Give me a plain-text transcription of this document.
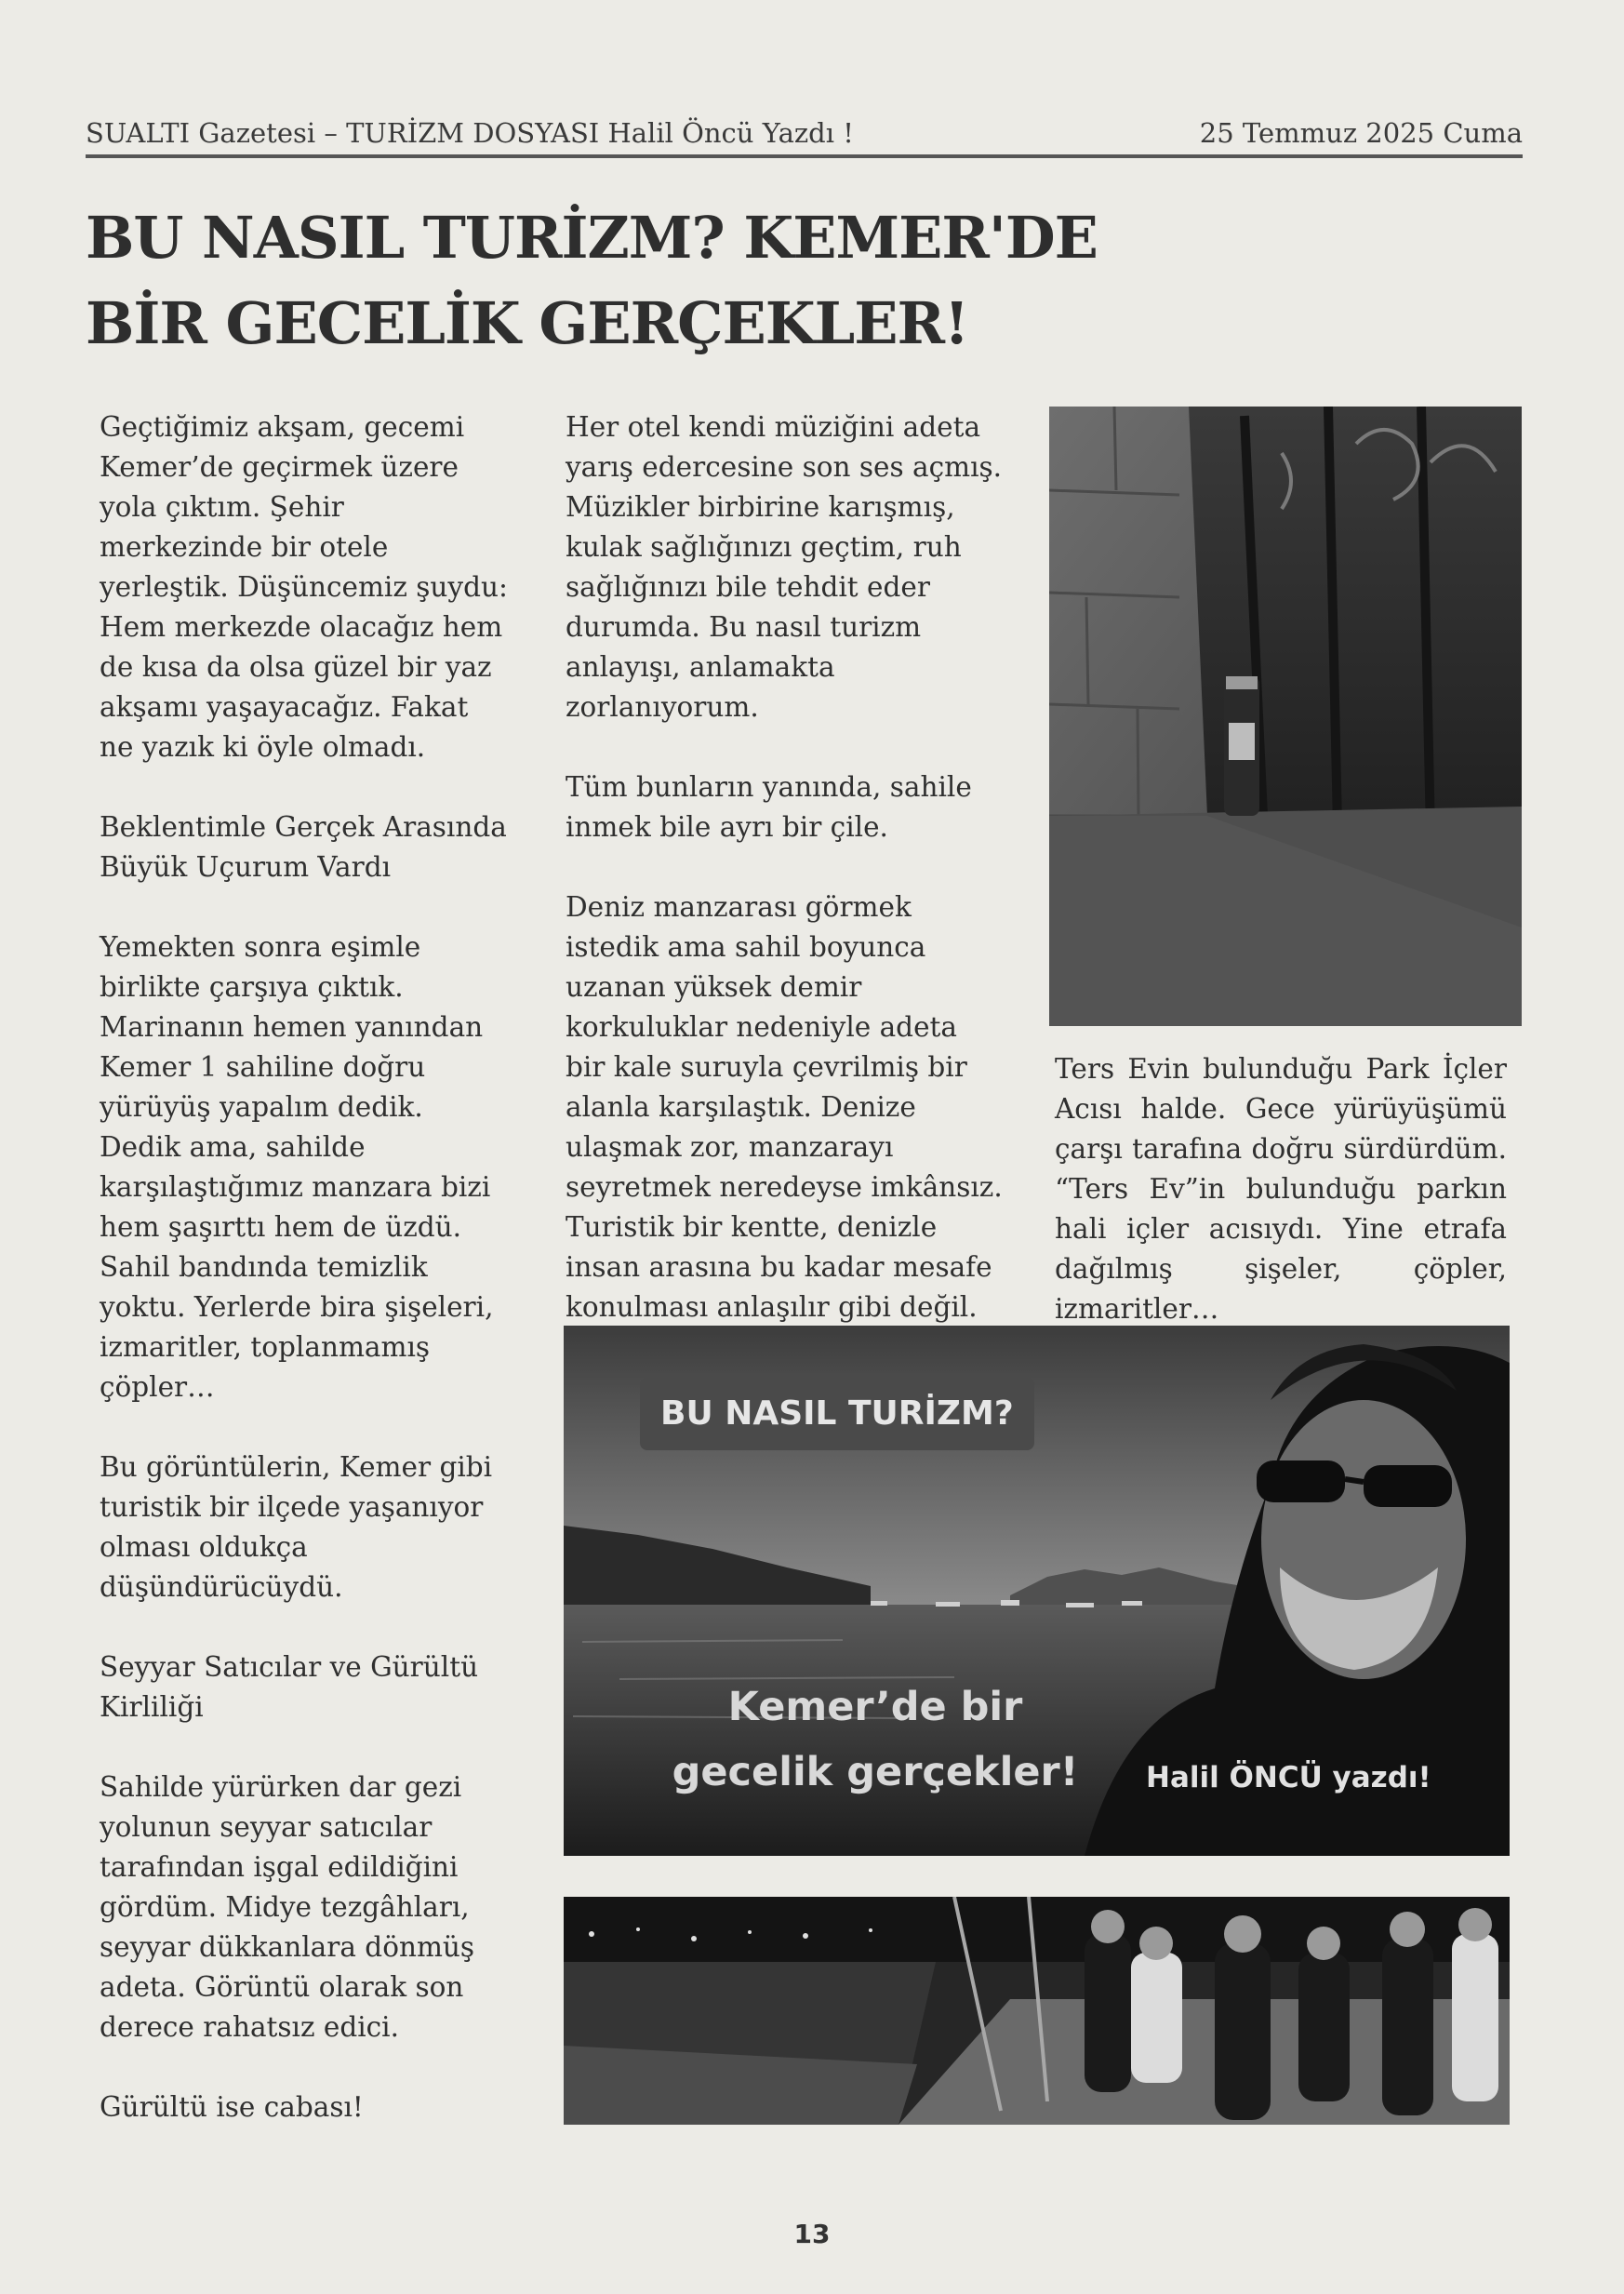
SUALTI Gazetesi – TURİZM DOSYASI Halil Öncü Yazdı !	25 Temmuz 2025 Cuma
BU NASIL TURİZM? KEMER'DE
BİR GECELİK GERÇEKLER!

Geçtiğimiz akşam, gecemi Kemer’de geçirmek üzere yola çıktım. Şehir merkezinde bir otele yerleştik. Düşüncemiz şuydu: Hem merkezde olacağız hem de kısa da olsa güzel bir yaz akşamı yaşayacağız. Fakat ne yazık ki öyle olmadı.

Beklentimle Gerçek Arasında Büyük Uçurum Vardı

Yemekten sonra eşimle birlikte çarşıya çıktık. Marinanın hemen yanından Kemer 1 sahiline doğru yürüyüş yapalım dedik. Dedik ama, sahilde karşılaştığımız manzara bizi hem şaşırttı hem de üzdü. Sahil bandında temizlik yoktu. Yerlerde bira şişeleri, izmaritler, toplanmamış çöpler…

Bu görüntülerin, Kemer gibi turistik bir ilçede yaşanıyor olması oldukça düşündürücüydü.

Seyyar Satıcılar ve Gürültü Kirliliği

Sahilde yürürken dar gezi yolunun seyyar satıcılar tarafından işgal edildiğini gördüm. Midye tezgâhları, seyyar dükkanlara dönmüş adeta. Görüntü olarak son derece rahatsız edici.

Gürültü ise cabası!

Her otel kendi müziğini adeta yarış edercesine son ses açmış. Müzikler birbirine karışmış, kulak sağlığınızı geçtim, ruh sağlığınızı bile tehdit eder durumda. Bu nasıl turizm anlayışı, anlamakta zorlanıyorum.

Tüm bunların yanında, sahile inmek bile ayrı bir çile.

Deniz manzarası görmek istedik ama sahil boyunca uzanan yüksek demir korkuluklar nedeniyle adeta bir kale suruyla çevrilmiş bir alanla karşılaştık. Denize ulaşmak zor, manzarayı seyretmek neredeyse imkânsız. Turistik bir kentte, denizle insan arasına bu kadar mesafe konulması anlaşılır gibi değil.

Ters Evin bulunduğu Park İçler Acısı halde. Gece yürüyüşümü çarşı tarafına doğru sürdürdüm. “Ters Ev”in bulunduğu parkın hali içler acısıydı. Yine etrafa dağılmış şişeler, çöpler, izmaritler…

BU NASIL TURİZM?
Kemer’de bir
gecelik gerçekler!	Halil ÖNCÜ yazdı!
13
